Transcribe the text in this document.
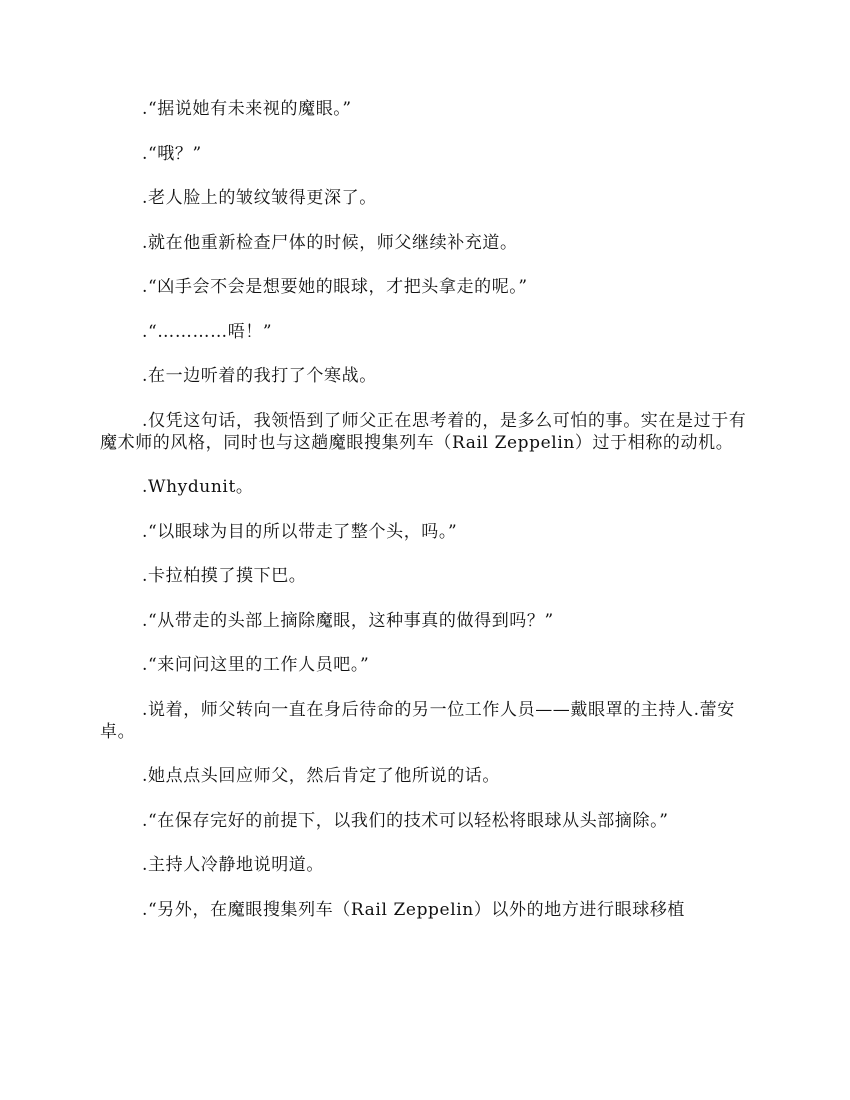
.“据说她有未来视的魔眼。”

.“哦？”

.老人脸上的皱纹皱得更深了。

.就在他重新检查尸体的时候，师父继续补充道。

.“凶手会不会是想要她的眼球，才把头拿走的呢。”

.“…………唔！”

.在一边听着的我打了个寒战。

.仅凭这句话，我领悟到了师父正在思考着的，是多么可怕的事。实在是过于有魔术师的风格，同时也与这趟魔眼搜集列车（Rail Zeppelin）过于相称的动机。

.Whydunit。

.“以眼球为目的所以带走了整个头，吗。”

.卡拉柏摸了摸下巴。

.“从带走的头部上摘除魔眼，这种事真的做得到吗？”

.“来问问这里的工作人员吧。”

.说着，师父转向一直在身后待命的另一位工作人员——戴眼罩的主持人.蕾安卓。

.她点点头回应师父，然后肯定了他所说的话。

.“在保存完好的前提下，以我们的技术可以轻松将眼球从头部摘除。”

.主持人冷静地说明道。

.“另外，在魔眼搜集列车（Rail Zeppelin）以外的地方进行眼球移植
